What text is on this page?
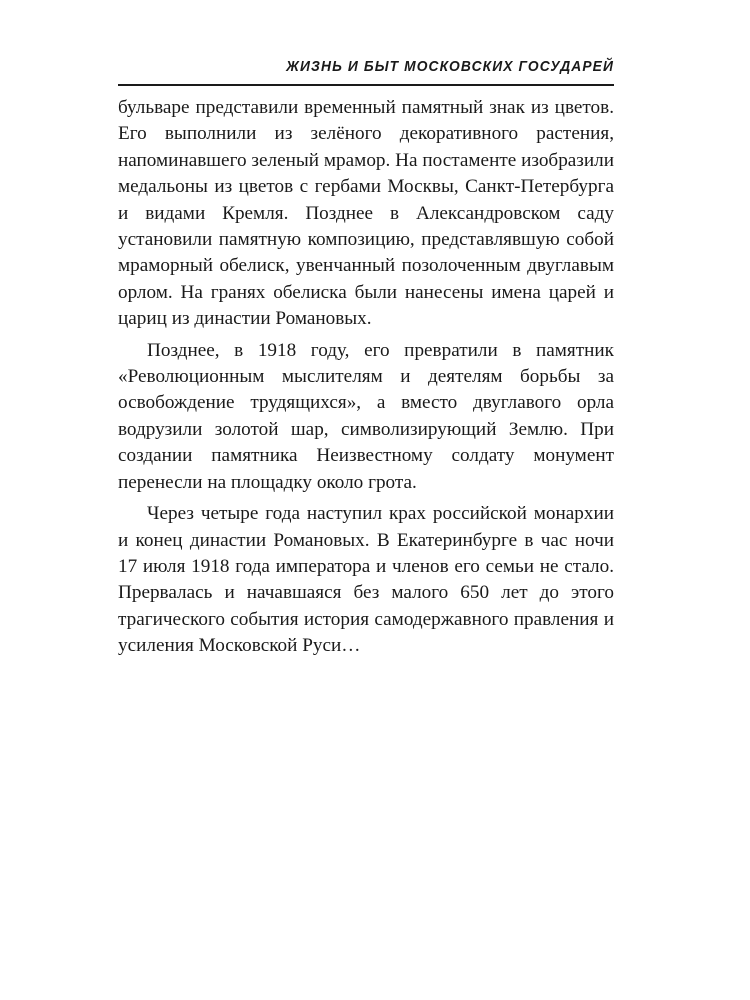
ЖИЗНЬ И БЫТ МОСКОВСКИХ ГОСУДАРЕЙ

бульваре представили временный памятный знак из цветов. Его выполнили из зелёного декоративного растения, напоминавшего зеленый мрамор. На постаменте изобразили медальоны из цветов с гербами Москвы, Санкт-Петербурга и видами Кремля. Позднее в Александровском саду установили памятную композицию, представлявшую собой мраморный обелиск, увенчанный позолоченным двуглавым орлом. На гранях обелиска были нанесены имена царей и цариц из династии Романовых.

Позднее, в 1918 году, его превратили в памятник «Революционным мыслителям и деятелям борьбы за освобождение трудящихся», а вместо двуглавого орла водрузили золотой шар, символизирующий Землю. При создании памятника Неизвестному солдату монумент перенесли на площадку около грота.

Через четыре года наступил крах российской монархии и конец династии Романовых. В Екатеринбурге в час ночи 17 июля 1918 года императора и членов его семьи не стало. Прервалась и начавшаяся без малого 650 лет до этого трагического события история самодержавного правления и усиления Московской Руси…
